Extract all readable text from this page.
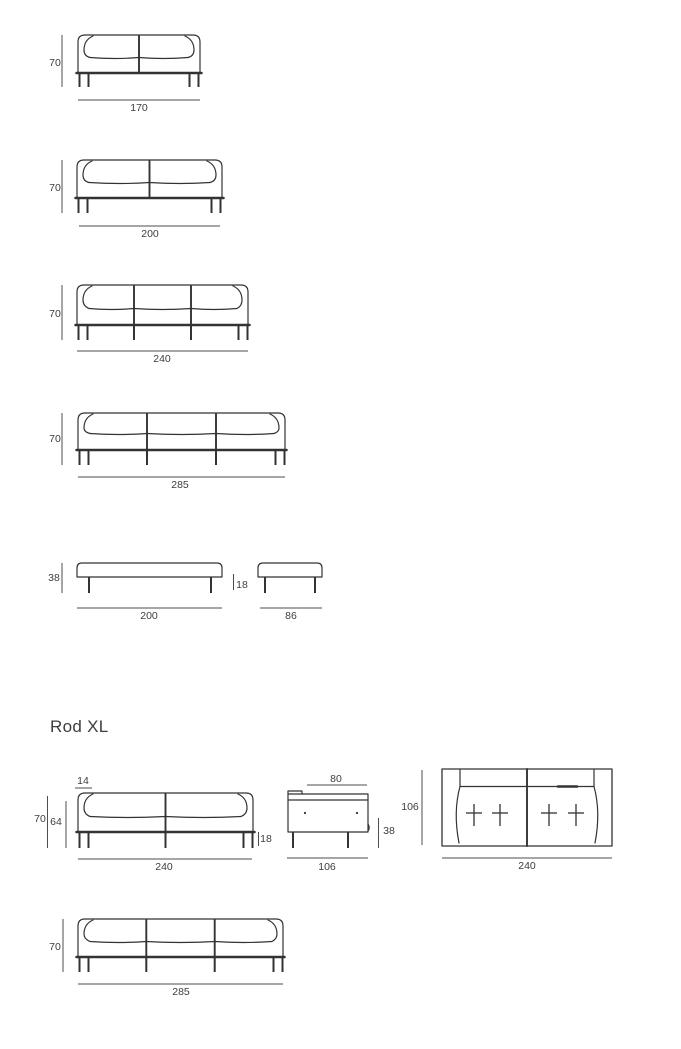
70
170
70
200
70
240
70
285
38
200
18
86
14
70 64
18
240
80
38
106
106
240
70
285
Rod XL
